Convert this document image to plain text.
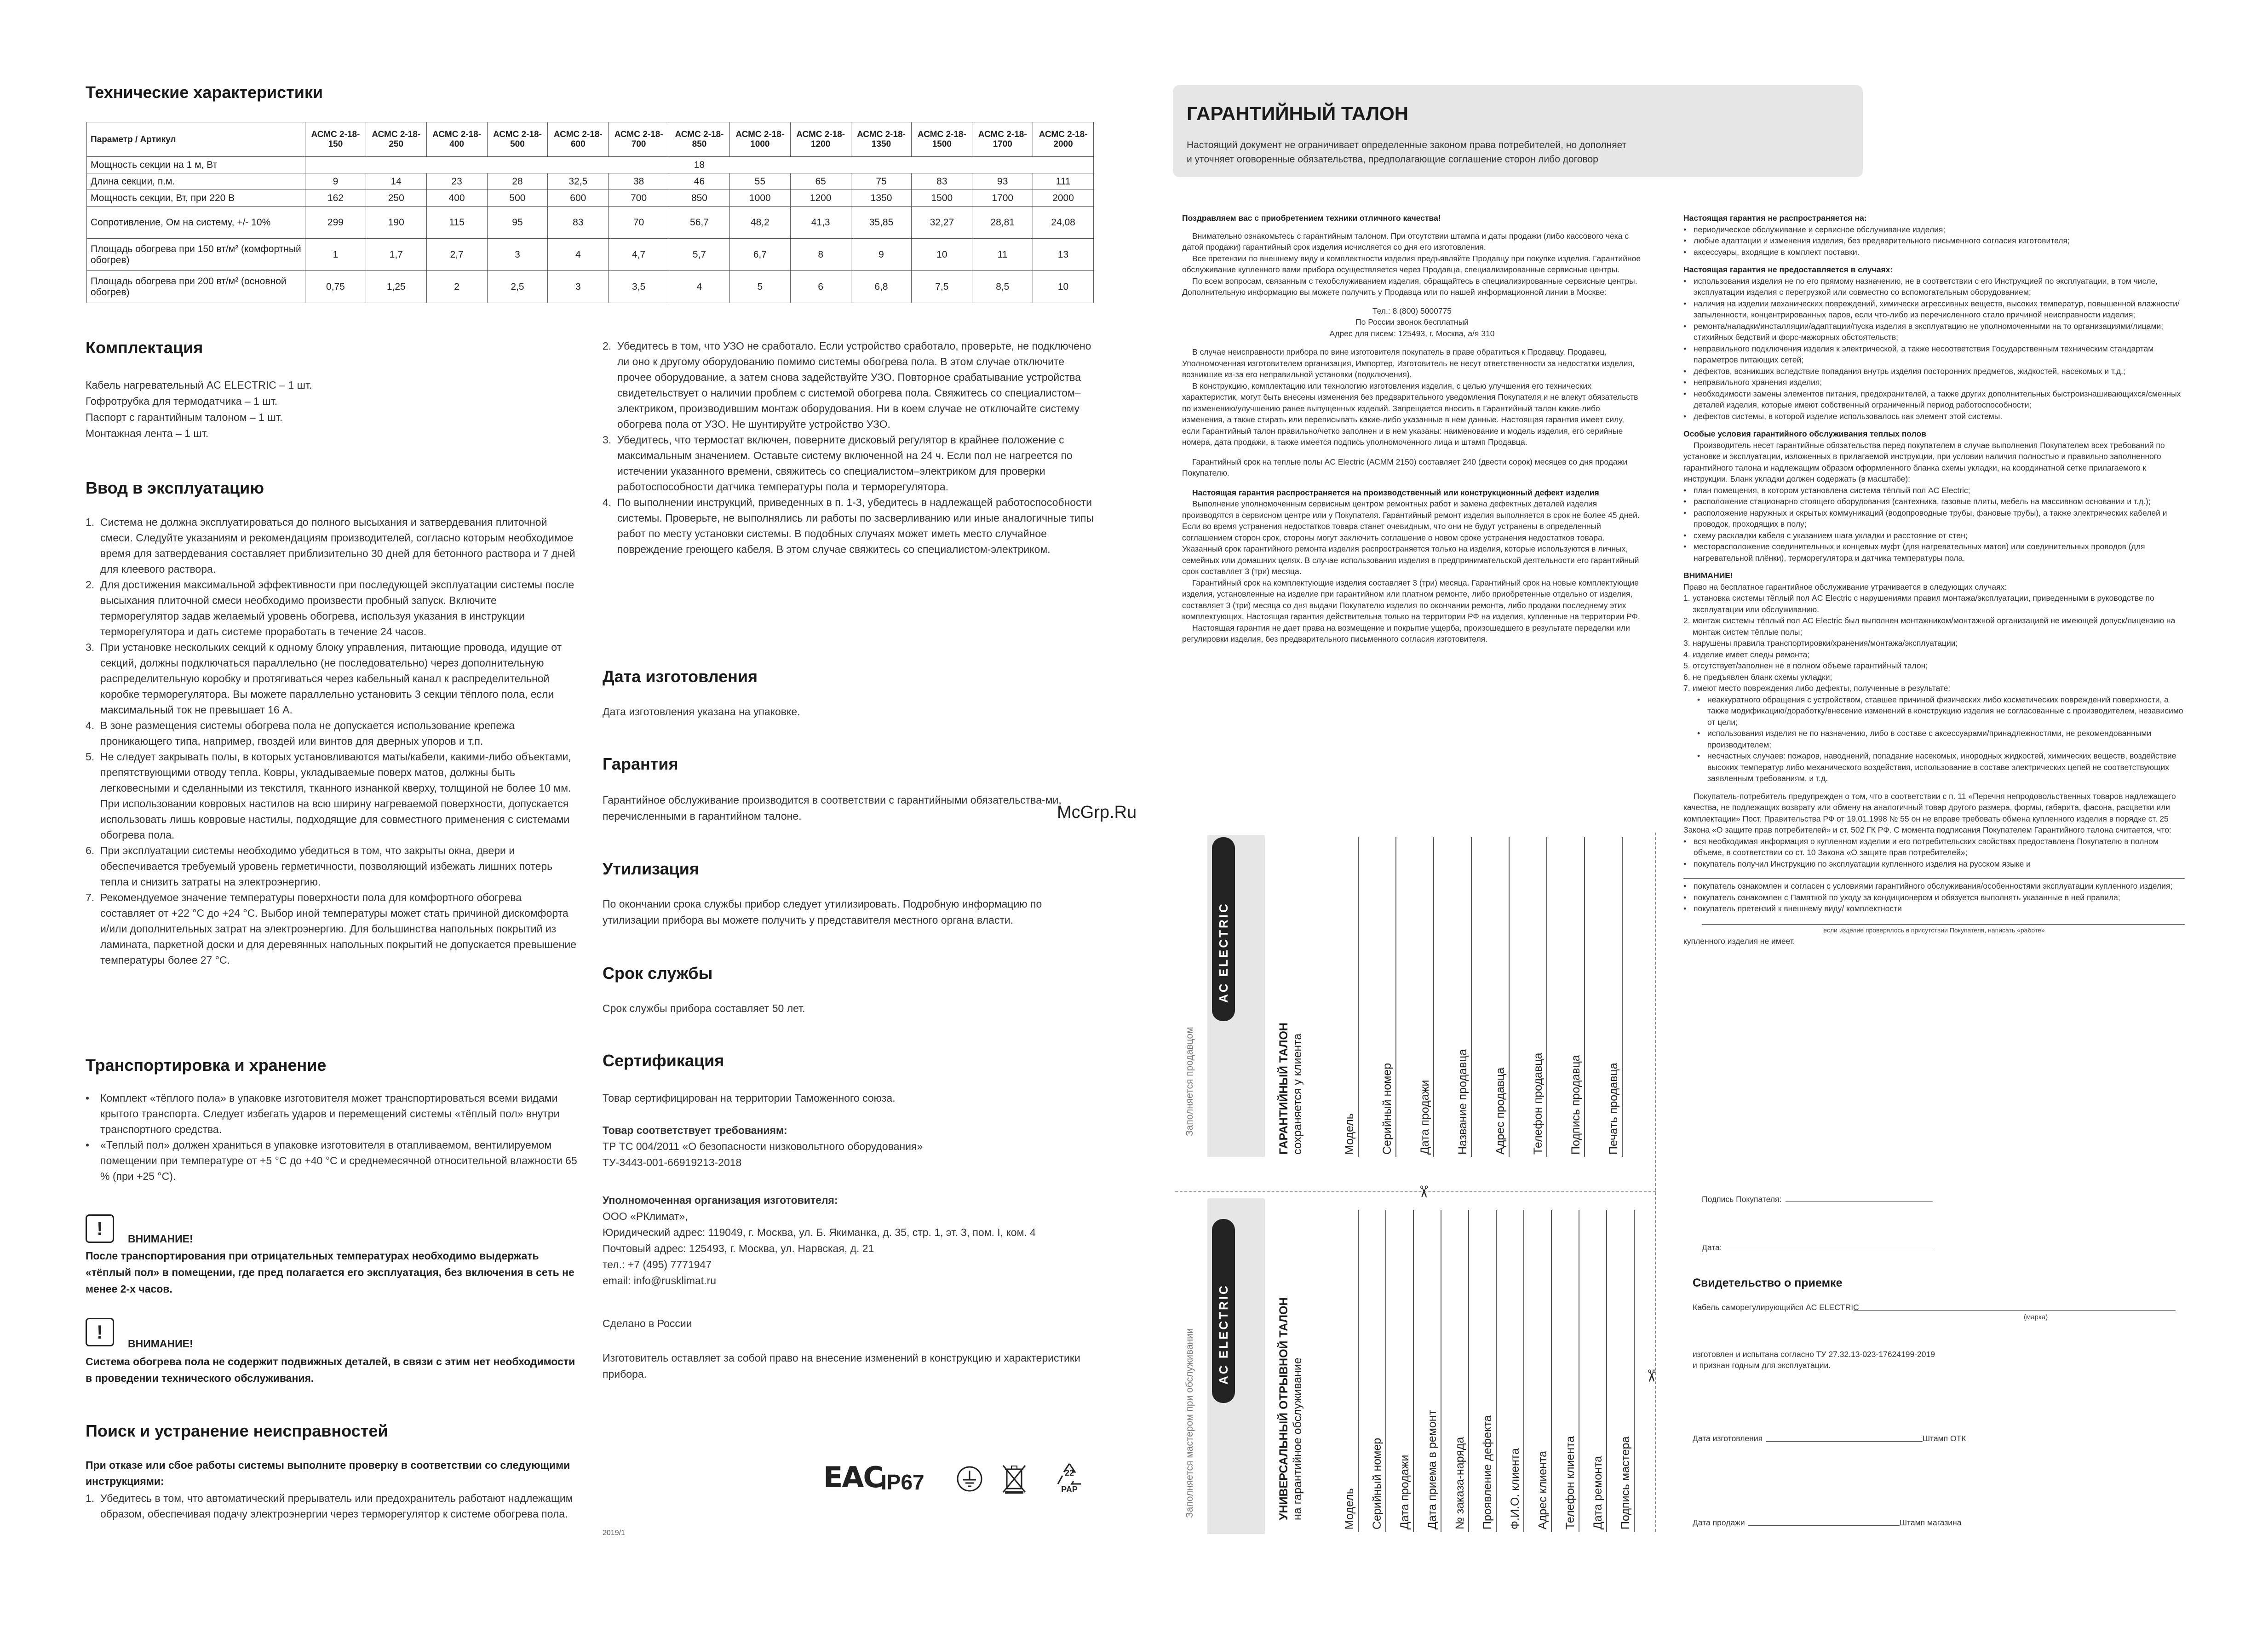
Технические характеристики
Параметр / Артикул	АСМС 2-18-150	АСМС 2-18-250	АСМС 2-18-400	АСМС 2-18-500	АСМС 2-18-600	АСМС 2-18-700	АСМС 2-18-850	АСМС 2-18-1000	АСМС 2-18-1200	АСМС 2-18-1350	АСМС 2-18-1500	АСМС 2-18-1700	АСМС 2-18-2000
Мощность секции на 1 м, Вт	18												
Длина секции, п.м.	9	14	23	28	32,5	38	46	55	65	75	83	93	111
Мощность секции, Вт, при 220 В	162	250	400	500	600	700	850	1000	1200	1350	1500	1700	2000
Сопротивление, Ом на системy, +/- 10%	299	190	115	95	83	70	56,7	48,2	41,3	35,85	32,27	28,81	24,08
Площадь обогрева при 150 вт/м² (комфортный обогрев)	1	1,7	2,7	3	4	4,7	5,7	6,7	8	9	10	11	13
Площадь обогрева при 200 вт/м² (основной обогрев)	0,75	1,25	2	2,5	3	3,5	4	5	6	6,8	7,5	8,5	10
Комплектация
Кабель нагревательный AC ELECTRIC – 1 шт.
Гофротрубка для термодатчика – 1 шт.
Паспорт с гарантийным талоном – 1 шт.
Монтажная лента – 1 шт.
Ввод в эксплуатацию
1. Система не должна эксплуатироваться до полного высыхания и затвердевания плиточной смеси. Следуйте указаниям и рекомендациям производителей, согласно которым необходимое время для затвердевания составляет приблизительно 30 дней для бетонного раствора и 7 дней для клеевого раствора.
2. Для достижения максимальной эффективности при последующей эксплуатации системы после высыхания плиточной смеси необходимо произвести пробный запуск. Включите терморегулятор задав желаемый уровень обогрева, используя указания в инструкции терморегулятора и дать системе проработать в течение 24 часов.
3. При установке нескольких секций к одному блоку управления, питающие провода, идущие от секций, должны подключаться параллельно (не последовательно) через дополнительную распределительную коробку и протягиваться через кабельный канал к распределительной коробке терморегулятора. Вы можете параллельно установить 3 секции тёплого пола, если максимальный ток не превышает 16 А.
4. В зоне размещения системы обогрева пола не допускается использование крепежа проникающего типа, например, гвоздей или винтов для дверных упоров и т.п.
5. Не следует закрывать полы, в которых установливаются маты/кабели, какими-либо объектами, препятствующими отводу тепла. Ковры, укладываемые поверх матов, должны быть легковесными и сделанными из текстиля, тканного изнанкой кверху, толщиной не более 10 мм. При использовании ковровых настилов на всю ширину нагреваемой поверхности, допускается использовать лишь ковровые настилы, подходящие для совместного применения с системами обогрева пола.
6. При эксплуатации системы необходимо убедиться в том, что закрыты окна, двери и обеспечивается требуемый уровень герметичности, позволяющий избежать лишних потерь тепла и снизить затраты на электроэнергию.
7. Рекомендуемое значение температуры поверхности пола для комфортного обогрева составляет от +22 °С до +24 °С. Выбор иной температуры может стать причиной дискомфорта и/или дополнительных затрат на электроэнергию. Для большинства напольных покрытий из ламината, паркетной доски и для деревянных напольных покрытий не допускается превышение температуры более 27 °С.
Транспортировка и хранение
• Комплект «тёплого пола» в упаковке изготовителя может транспортироваться всеми видами крытого транспорта. Следует избегать ударов и перемещений системы «тёплый пол» внутри транспортного средства.
• «Теплый пол» должен храниться в упаковке изготовителя в отапливаемом, вентилируемом помещении при температуре от +5 °С до +40 °С и среднемесячной относительной влажности 65 % (при +25 °С).
!	ВНИМАНИЕ!
После транспортирования при отрицательных температурах необходимо выдержать «тёплый пол» в помещении, где пред полагается его эксплуатация, без включения в сеть не менее 2-х часов.
!
ВНИМАНИЕ!
Система обогрева пола не содержит подвижных деталей, в связи с этим нет необходимости в проведении технического обслуживания.
Поиск и устранение неисправностей
При отказе или сбое работы системы выполните проверку в соответствии со следующими инструкциями:
1. Убедитесь в том, что автоматический прерыватель или предохранитель работают надлежащим образом, обеспечивая подачу электроэнергии через терморегулятор к системе обогрева пола.
2. Убедитесь в том, что УЗО не сработало. Если устройство сработало, проверьте, не подключено ли оно к другому оборудованию помимо системы обогрева пола. В этом случае отключите прочее оборудование, а затем снова задействуйте УЗО. Повторное срабатывание устройства свидетельствует о наличии проблем с системой обогрева пола. Свяжитесь со специалистом–электриком, производившим монтаж оборудования. Ни в коем случае не отключайте систему обогрева пола от УЗО. Не шунтируйте устройство УЗО.
3. Убедитесь, что термостат включен, поверните дисковый регулятор в крайнее положение с максимальным значением. Оставьте систему включенной на 24 ч. Если пол не нагреется по истечении указанного времени, свяжитесь со специалистом–электриком для проверки работоспособности датчика температуры пола и терморегулятора.
4. По выполнении инструкций, приведенных в п. 1-3, убедитесь в надлежащей работоспособности системы. Проверьте, не выполнялись ли работы по засверливанию или иные аналогичные типы работ по месту установки системы. В подобных случаях может иметь место случайное повреждение греющего кабеля. В этом случае свяжитесь со специалистом-электриком.
Дата изготовления
Дата изготовления указана на упаковке.
Гарантия
Гарантийное обслуживание производится в соответствии с гарантийными обязательства-ми, перечисленными в гарантийном талоне.
Утилизация
По окончании срока службы прибор следует утилизировать. Подробную информацию по утилизации прибора вы можете получить у представителя местного органа власти.
Срок службы
Срок службы прибора составляет 50 лет.
Сертификация
Товар сертифицирован на территории Таможенного союза.
Товар соответствует требованиям:
ТР ТС 004/2011 «О безопасности низковольтного оборудования»
ТУ-3443-001-66919213-2018
Уполномоченная организация изготовителя:
ООО «РКлимат»,
Юридический адрес: 119049, г. Москва, ул. Б. Якиманка, д. 35, стр. 1, эт. 3, пом. I, ком. 4
Почтовый адрес: 125493, г. Москва, ул. Нарвская, д. 21
тел.: +7 (495) 7771947
email: info@rusklimat.ru
Сделано в России
Изготовитель оставляет за собой право на внесение изменений в конструкцию и характеристики прибора.
EAC
IP67	22
PAP
2019/1
McGrp.Ru
ГАРАНТИЙНЫЙ ТАЛОН
Настоящий документ не ограничивает определенные законом права потребителей, но дополняет
и уточняет оговоренные обязательства, предполагающие соглашение сторон либо договор
Поздравляем вас с приобретением техники отличного качества!
Внимательно ознакомьтесь с гарантийным талоном. При отсутствии штампа и даты продажи (либо кассового чека с датой продажи) гарантийный срок изделия исчисляется со дня его изготовления.
Все претензии по внешнему виду и комплектности изделия предъявляйте Продавцу при покупке изделия. Гарантийное обслуживание купленного вами прибора осуществляется через Продавца, специализированные сервисные центры.
По всем вопросам, связанным с техобслуживанием изделия, обращайтесь в специализированные сервисные центры. Дополнительную информацию вы можете получить у Продавца или по нашей информационной линии в Москве:
Тел.: 8 (800) 5000775
По России звонок бесплатный
Адрес для писем: 125493, г. Москва, а/я 310
В случае неисправности прибора по вине изготовителя покупатель в праве обратиться к Продавцу. Продавец, Уполномоченная изготовителем организация, Импортер, Изготовитель не несут ответственности за недостатки изделия, возникшие из-за его неправильной установки (подключения).
В конструкцию, комплектацию или технологию изготовления изделия, с целью улучшения его технических характеристик, могут быть внесены изменения без предварительного уведомления Покупателя и не влекут обязательств по изменению/улучшению ранее выпущенных изделий. Запрещается вносить в Гарантийный талон какие-либо изменения, а также стирать или переписывать какие-либо указанные в нем данные. Настоящая гарантия имеет силу, если Гарантийный талон правильно/четко заполнен и в нем указаны: наименование и модель изделия, его серийные номера, дата продажи, а также имеется подпись уполномоченного лица и штамп Продавца.
Гарантийный срок на теплые полы AC Electric (АСММ 2150) составляет 240 (двести сорок) месяцев со дня продажи Покупателю.
Настоящая гарантия распространяется на производственный или конструкционный дефект изделия
Выполнение уполномоченным сервисным центром ремонтных работ и замена дефектных деталей изделия производятся в сервисном центре или у Покупателя. Гарантийный ремонт изделия выполняется в срок не более 45 дней. Если во время устранения недостатков товара станет очевидным, что они не будут устранены в определенный соглашением сторон срок, стороны могут заключить соглашение о новом сроке устранения недостатков товара. Указанный срок гарантийного ремонта изделия распространяется только на изделия, которые используются в личных, семейных или домашних целях. В случае использования изделия в предпринимательской деятельности его гарантийный срок составляет 3 (три) месяца.
Гарантийный срок на комплектующие изделия составляет 3 (три) месяца. Гарантийный срок на новые комплектующие изделия, установленные на изделие при гарантийном или платном ремонте, либо приобретенные отдельно от изделия, составляет 3 (три) месяца со дня выдачи Покупателю изделия по окончании ремонта, либо продажи последнему этих комплектующих. Настоящая гарантия действительна только на территории РФ на изделия, купленные на территории РФ.
Настоящая гарантия не дает права на возмещение и покрытие ущерба, произошедшего в результате переделки или регулировки изделия, без предварительного письменного согласия изготовителя.
Настоящая гарантия не распространяется на:
• периодическое обслуживание и сервисное обслуживание изделия;
• любые адаптации и изменения изделия, без предварительного письменного согласия изготовителя;
• аксессуары, входящие в комплект поставки.
Настоящая гарантия не предоставляется в случаях:
• использования изделия не по его прямому назначению, не в соответствии с его Инструкцией по эксплуатации, в том числе, эксплуатации изделия с перегрузкой или совместно со вспомогательным оборудованием;
• наличия на изделии механических повреждений, химически агрессивных веществ, высоких температур, повышенной влажности/запыленности, концентрированных паров, если что-либо из перечисленного стало причиной неисправности изделия;
• ремонта/наладки/инсталляции/адаптации/пуска изделия в эксплуатацию не уполномоченными на то организациями/лицами; стихийных бедствий и форс-мажорных обстоятельств;
• неправильного подключения изделия к электрической, а также несоответствия Государственным техническим стандартам параметров питающих сетей;
• дефектов, возникших вследствие попадания внутрь изделия посторонних предметов, жидкостей, насекомых и т.д.;
• неправильного хранения изделия;
• необходимости замены элементов питания, предохранителей, а также других дополнительных быстроизнашивающихся/сменных деталей изделия, которые имеют собственный ограниченный период работоспособности;
• дефектов системы, в которой изделие использовалось как элемент этой системы.
Особые условия гарантийного обслуживания теплых полов
Производитель несет гарантийные обязательства перед покупателем в случае выполнения Покупателем всех требований по установке и эксплуатации, изложенных в прилагаемой инструкции, при условии наличия полностью и правильно заполненного гарантийного талона и надлежащим образом оформленного бланка схемы укладки, на координатной сетке прилагаемого к инструкции. Бланк укладки должен содержать (в масштабе):
• план помещения, в котором установлена система тёплый пол AC Electric;
• расположение стационарно стоящего оборудования (сантехника, газовые плиты, мебель на массивном основании и т.д.);
• расположение наружных и скрытых коммуникаций (водопроводные трубы, фановые трубы), а также электрических кабелей и проводок, проходящих в полу;
• схему раскладки кабеля с указанием шага укладки и расстояние от стен;
• месторасположение соединительных и концевых муфт (для нагревательных матов) или соединительных проводов (для нагревательной плёнки), терморегулятора и датчика температуры пола.
ВНИМАНИЕ!
Право на бесплатное гарантийное обслуживание утрачивается в следующих случаях:
1. установка системы тёплый пол AC Electric с нарушениями правил монтажа/эксплуатации, приведенными в руководстве по эксплуатации или обслуживанию.
2. монтаж системы тёплый пол AC Electric был выполнен монтажником/монтажной организацией не имеющей допуск/лицензию на монтаж систем тёплые полы;
3. нарушены правила транспортировки/хранения/монтажа/эксплуатации;
4. изделие имеет следы ремонта;
5. отсутствует/заполнен не в полном объеме гарантийный талон;
6. не предъявлен бланк схемы укладки;
7. имеют место повреждения либо дефекты, полученные в результате:
• неаккуратного обращения с устройством, ставшее причиной физических либо косметических повреждений поверхности, а также модификацию/доработку/внесение изменений в конструкцию изделия не согласованные с производителем, независимо от цели;
• использования изделия не по назначению, либо в составе с аксессуарами/принадлежностями, не рекомендованными производителем;
• несчастных случаев: пожаров, наводнений, попадание насекомых, инородных жидкостей, химических веществ, воздействие высоких температур либо механического воздействия, использование в составе электрических цепей не соответствующих заявленным требованиям, и т.д.
Покупатель-потребитель предупрежден о том, что в соответствии с п. 11 «Перечня непродовольственных товаров надлежащего качества, не подлежащих возврату или обмену на аналогичный товар другого размера, формы, габарита, фасона, расцветки или комплектации» Пост. Правительства РФ от 19.01.1998 № 55 он не вправе требовать обмена купленного изделия в порядке ст. 25 Закона «О защите прав потребителей» и ст. 502 ГК РФ. С момента подписания Покупателем Гарантийного талона считается, что:
• вся необходимая информация о купленном изделии и его потребительских свойствах предоставлена Покупателю в полном объеме, в соответствии со ст. 10 Закона «О защите прав потребителей»;
• покупатель получил Инструкцию по эксплуатации купленного изделия на русском языке и
• покупатель ознакомлен и согласен с условиями гарантийного обслуживания/особенностями эксплуатации купленного изделия;
• покупатель ознакомлен с Памяткой по уходу за кондиционером и обязуется выполнять указанные в ней правила;
• покупатель претензий к внешнему виду/ комплектности
если изделие проверялось в присутствии Покупателя, написать «работе»
купленного изделия не имеет.
Подпись Покупателя:
Дата:
Свидетельство о приемке
Кабель саморегулирующийся AC ELECTRIC
(марка)
изготовлен и испытана согласно ТУ 27.32.13-023-17624199-2019
и признан годным для эксплуатации.
Дата изготовления	Штамп ОТК
Дата продажи	Штамп магазина
Заполняется продавцом
AC ELECTRIC
ГАРАНТИЙНЫЙ ТАЛОН сохраняется у клиента	Модель Серийный номер Дата продажи Название продавца Адрес продавца Телефон продавца Подпись продавца Печать продавца
✂
Заполняется мастером при обслуживании AC ELECTRIC	УНИВЕРСАЛЬНЫЙ ОТРЫВНОЙ ТАЛОН на гарантийное обслуживание	Модель Серийный номер Дата продажи Дата приема в ремонт № заказа-наряда Проявление дефекта Ф.И.О. клиента Адрес клиента Телефон клиента Дата ремонта Подпись мастера
✂
